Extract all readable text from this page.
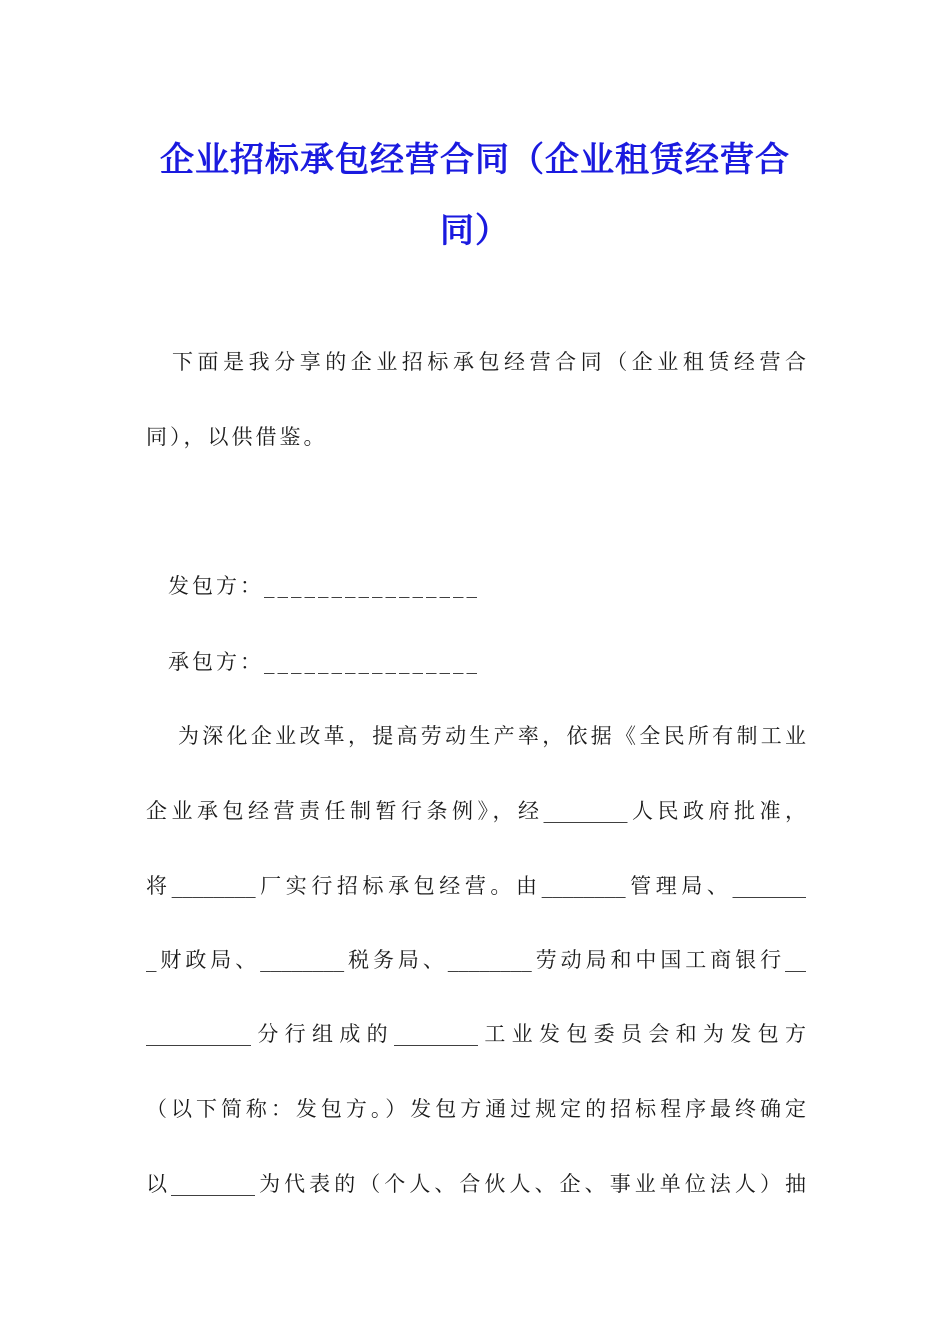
企业招标承包经营合同（企业租赁经营合
同）
下面是我分享的企业招标承包经营合同（企业租赁经营合
同），以供借鉴。
发包方：________________
承包方：________________
为深化企业改革，提高劳动生产率，依据《全民所有制工业
企业承包经营责任制暂行条例》，经________人民政府批准，
将________厂实行招标承包经营。由________管理局、_______
_财政局、________税务局、________劳动局和中国工商银行__
__________分行组成的________工业发包委员会和为发包方
（以下简称：发包方。）发包方通过规定的招标程序最终确定
以________为代表的（个人、合伙人、企、事业单位法人）抽
